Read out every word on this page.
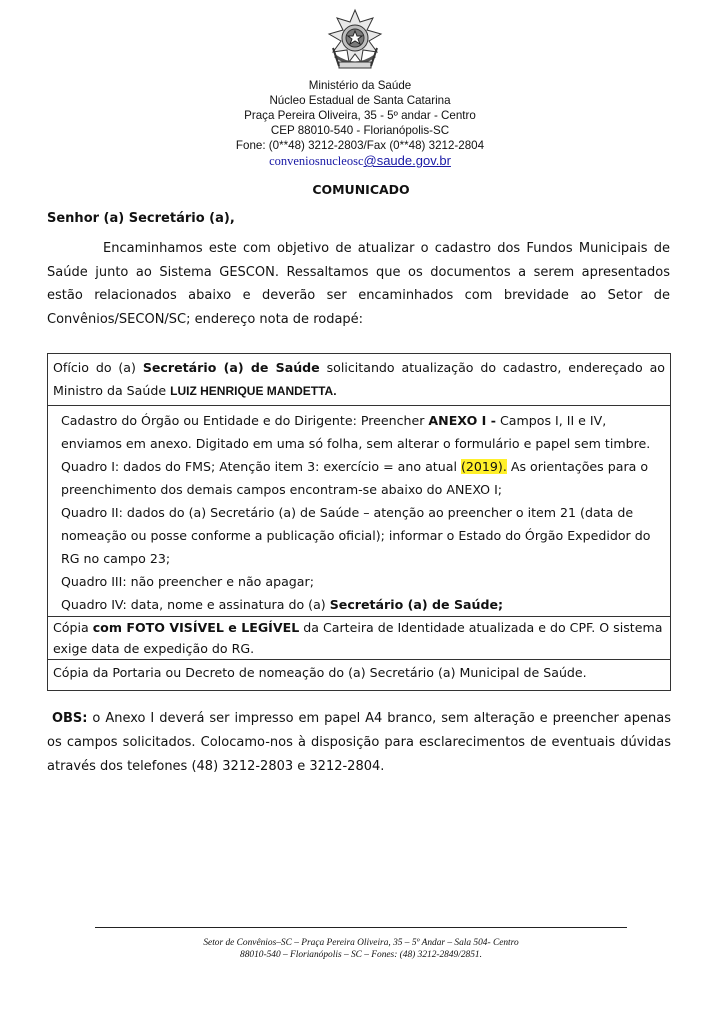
Ministério da Saúde
Núcleo Estadual de Santa Catarina
Praça Pereira Oliveira, 35 - 5º andar - Centro
CEP 88010-540 - Florianópolis-SC
Fone: (0**48) 3212-2803/Fax (0**48) 3212-2804
conveniosnucleosc@saude.gov.br
COMUNICADO
Senhor (a) Secretário (a),
Encaminhamos este com objetivo de atualizar o cadastro dos Fundos Municipais de Saúde junto ao Sistema GESCON. Ressaltamos que os documentos a serem apresentados estão relacionados abaixo e deverão ser encaminhados com brevidade ao Setor de Convênios/SECON/SC; endereço nota de rodapé:
Ofício do (a) Secretário (a) de Saúde solicitando atualização do cadastro, endereçado ao Ministro da Saúde LUIZ HENRIQUE MANDETTA.

Cadastro do Órgão ou Entidade e do Dirigente: Preencher ANEXO I - Campos I, II e IV, enviamos em anexo. Digitado em uma só folha, sem alterar o formulário e papel sem timbre.
Quadro I: dados do FMS; Atenção item 3: exercício = ano atual (2019). As orientações para o preenchimento dos demais campos encontram-se abaixo do ANEXO I;
Quadro II: dados do (a) Secretário (a) de Saúde – atenção ao preencher o item 21 (data de nomeação ou posse conforme a publicação oficial); informar o Estado do Órgão Expedidor do RG no campo 23;
Quadro III: não preencher e não apagar;
Quadro IV: data, nome e assinatura do (a) Secretário (a) de Saúde;

Cópia com FOTO VISÍVEL e LEGÍVEL da Carteira de Identidade atualizada e do CPF. O sistema exige data de expedição do RG.
Cópia da Portaria ou Decreto de nomeação do (a) Secretário (a) Municipal de Saúde.
OBS: o Anexo I deverá ser impresso em papel A4 branco, sem alteração e preencher apenas os campos solicitados. Colocamo-nos à disposição para esclarecimentos de eventuais dúvidas através dos telefones (48) 3212-2803 e 3212-2804.
Setor de Convênios–SC – Praça Pereira Oliveira, 35 – 5º Andar – Sala 504- Centro
88010-540 – Florianópolis – SC – Fones: (48) 3212-2849/2851.
